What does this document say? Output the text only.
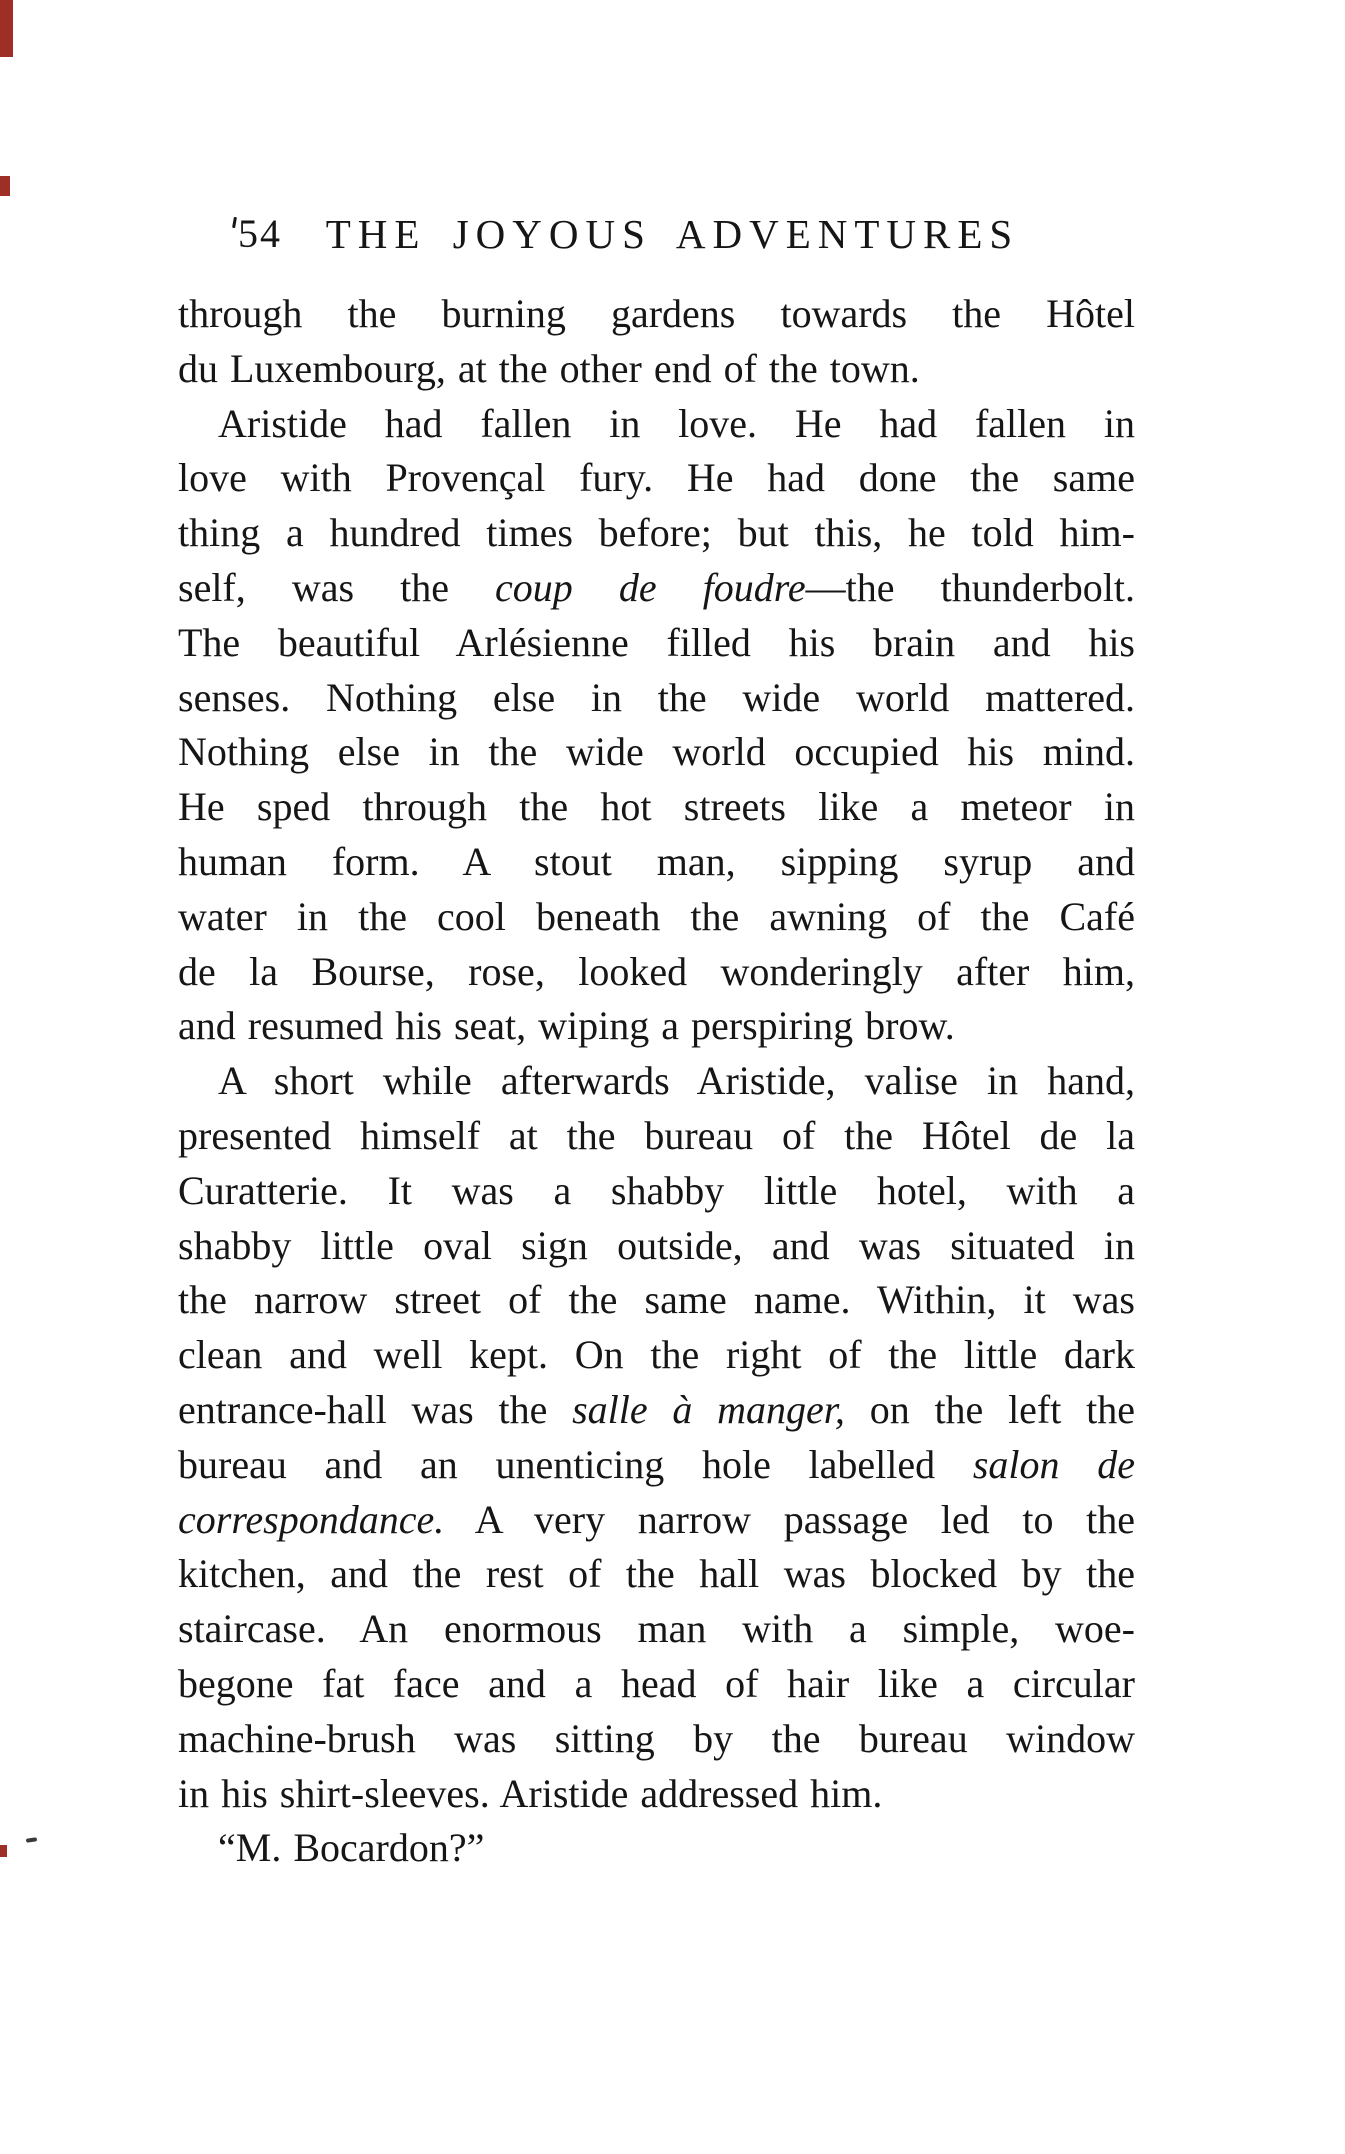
54 THE JOYOUS ADVENTURES
through the burning gardens towards the Hôtel
du Luxembourg, at the other end of the town.
Aristide had fallen in love. He had fallen in
love with Provençal fury. He had done the same
thing a hundred times before; but this, he told him-
self, was the coup de foudre—the thunderbolt.
The beautiful Arlésienne filled his brain and his
senses. Nothing else in the wide world mattered.
Nothing else in the wide world occupied his mind.
He sped through the hot streets like a meteor in
human form. A stout man, sipping syrup and
water in the cool beneath the awning of the Café
de la Bourse, rose, looked wonderingly after him,
and resumed his seat, wiping a perspiring brow.
A short while afterwards Aristide, valise in hand,
presented himself at the bureau of the Hôtel de la
Curatterie. It was a shabby little hotel, with a
shabby little oval sign outside, and was situated in
the narrow street of the same name. Within, it was
clean and well kept. On the right of the little dark
entrance-hall was the salle à manger, on the left the
bureau and an unenticing hole labelled salon de
correspondance. A very narrow passage led to the
kitchen, and the rest of the hall was blocked by the
staircase. An enormous man with a simple, woe-
begone fat face and a head of hair like a circular
machine-brush was sitting by the bureau window
in his shirt-sleeves. Aristide addressed him.
“M. Bocardon?”
